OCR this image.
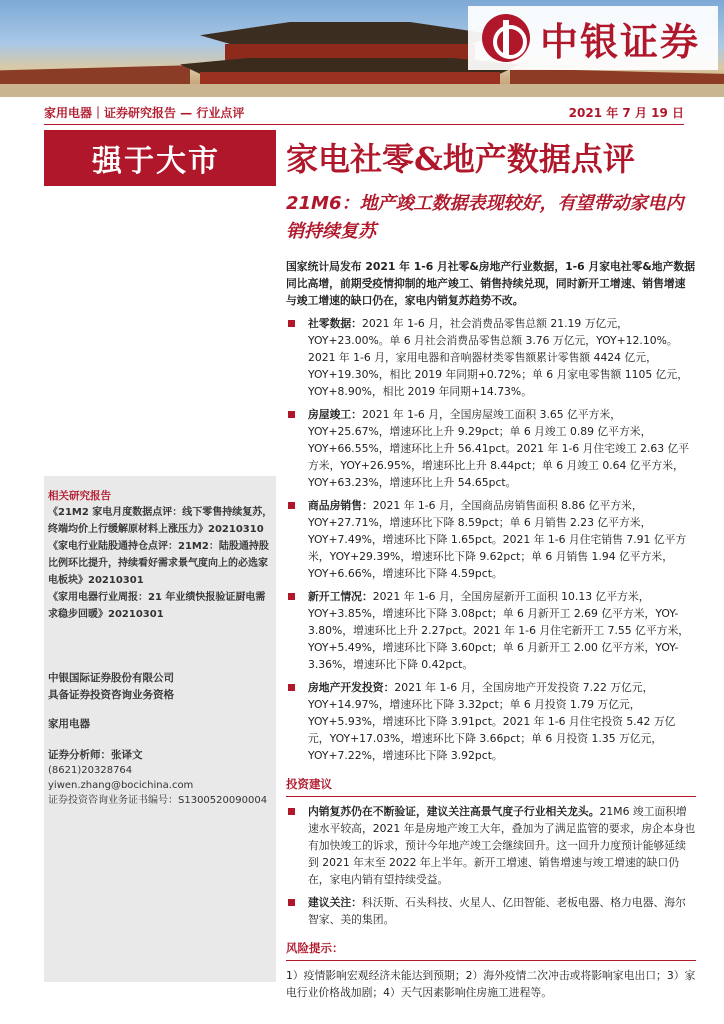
中银证券
家用电器｜证券研究报告 — 行业点评	2021 年 7 月 19 日
强于大市	家电社零&地产数据点评
21M6：地产竣工数据表现较好，有望带动家电内销持续复苏
相关研究报告
《21M2 家电月度数据点评：线下零售持续复苏，终端均价上行缓解原材料上涨压力》20210310
《家电行业陆股通持仓点评：21M2：陆股通持股比例环比提升，持续看好需求景气度向上的必选家电板块》20210301
《家用电器行业周报：21 年业绩快报验证厨电需求稳步回暖》20210301
中银国际证券股份有限公司
具备证券投资咨询业务资格
家用电器
证券分析师：张译文
(8621)20328764
yiwen.zhang@bocichina.com
证券投资咨询业务证书编号：S1300520090004
国家统计局发布 2021 年 1-6 月社零&房地产行业数据，1-6 月家电社零&地产数据同比高增，前期受疫情抑制的地产竣工、销售持续兑现，同时新开工增速、销售增速与竣工增速的缺口仍在，家电内销复苏趋势不改。
社零数据：2021 年 1-6 月，社会消费品零售总额 21.19 万亿元，YOY+23.00%。单 6 月社会消费品零售总额 3.76 万亿元，YOY+12.10%。2021 年 1-6 月，家用电器和音响器材类零售额累计零售额 4424 亿元，YOY+19.30%，相比 2019 年同期+0.72%；单 6 月家电零售额 1105 亿元，YOY+8.90%，相比 2019 年同期+14.73%。
房屋竣工：2021 年 1-6 月，全国房屋竣工面积 3.65 亿平方米，YOY+25.67%，增速环比上升 9.29pct；单 6 月竣工 0.89 亿平方米，YOY+66.55%，增速环比上升 56.41pct。2021 年 1-6 月住宅竣工 2.63 亿平方米，YOY+26.95%，增速环比上升 8.44pct；单 6 月竣工 0.64 亿平方米，YOY+63.23%，增速环比上升 54.65pct。
商品房销售：2021 年 1-6 月，全国商品房销售面积 8.86 亿平方米，YOY+27.71%，增速环比下降 8.59pct；单 6 月销售 2.23 亿平方米，YOY+7.49%，增速环比下降 1.65pct。2021 年 1-6 月住宅销售 7.91 亿平方米，YOY+29.39%，增速环比下降 9.62pct；单 6 月销售 1.94 亿平方米，YOY+6.66%，增速环比下降 4.59pct。
新开工情况：2021 年 1-6 月，全国房屋新开工面积 10.13 亿平方米，YOY+3.85%，增速环比下降 3.08pct；单 6 月新开工 2.69 亿平方米，YOY-3.80%，增速环比上升 2.27pct。2021 年 1-6 月住宅新开工 7.55 亿平方米，YOY+5.49%，增速环比下降 3.60pct；单 6 月新开工 2.00 亿平方米，YOY-3.36%，增速环比下降 0.42pct。
房地产开发投资：2021 年 1-6 月，全国房地产开发投资 7.22 万亿元，YOY+14.97%，增速环比下降 3.32pct；单 6 月投资 1.79 万亿元，YOY+5.93%，增速环比下降 3.91pct。2021 年 1-6 月住宅投资 5.42 万亿元，YOY+17.03%，增速环比下降 3.66pct；单 6 月投资 1.35 万亿元，YOY+7.22%，增速环比下降 3.92pct。
投资建议
内销复苏仍在不断验证，建议关注高景气度子行业相关龙头。21M6 竣工面积增速水平较高，2021 年是房地产竣工大年，叠加为了满足监管的要求，房企本身也有加快竣工的诉求，预计今年地产竣工会继续回升。这一回升力度预计能够延续到 2021 年末至 2022 年上半年。新开工增速、销售增速与竣工增速的缺口仍在，家电内销有望持续受益。
建议关注：科沃斯、石头科技、火星人、亿田智能、老板电器、格力电器、海尔智家、美的集团。
风险提示：
1）疫情影响宏观经济未能达到预期；2）海外疫情二次冲击或将影响家电出口；3）家电行业价格战加剧；4）天气因素影响住房施工进程等。
